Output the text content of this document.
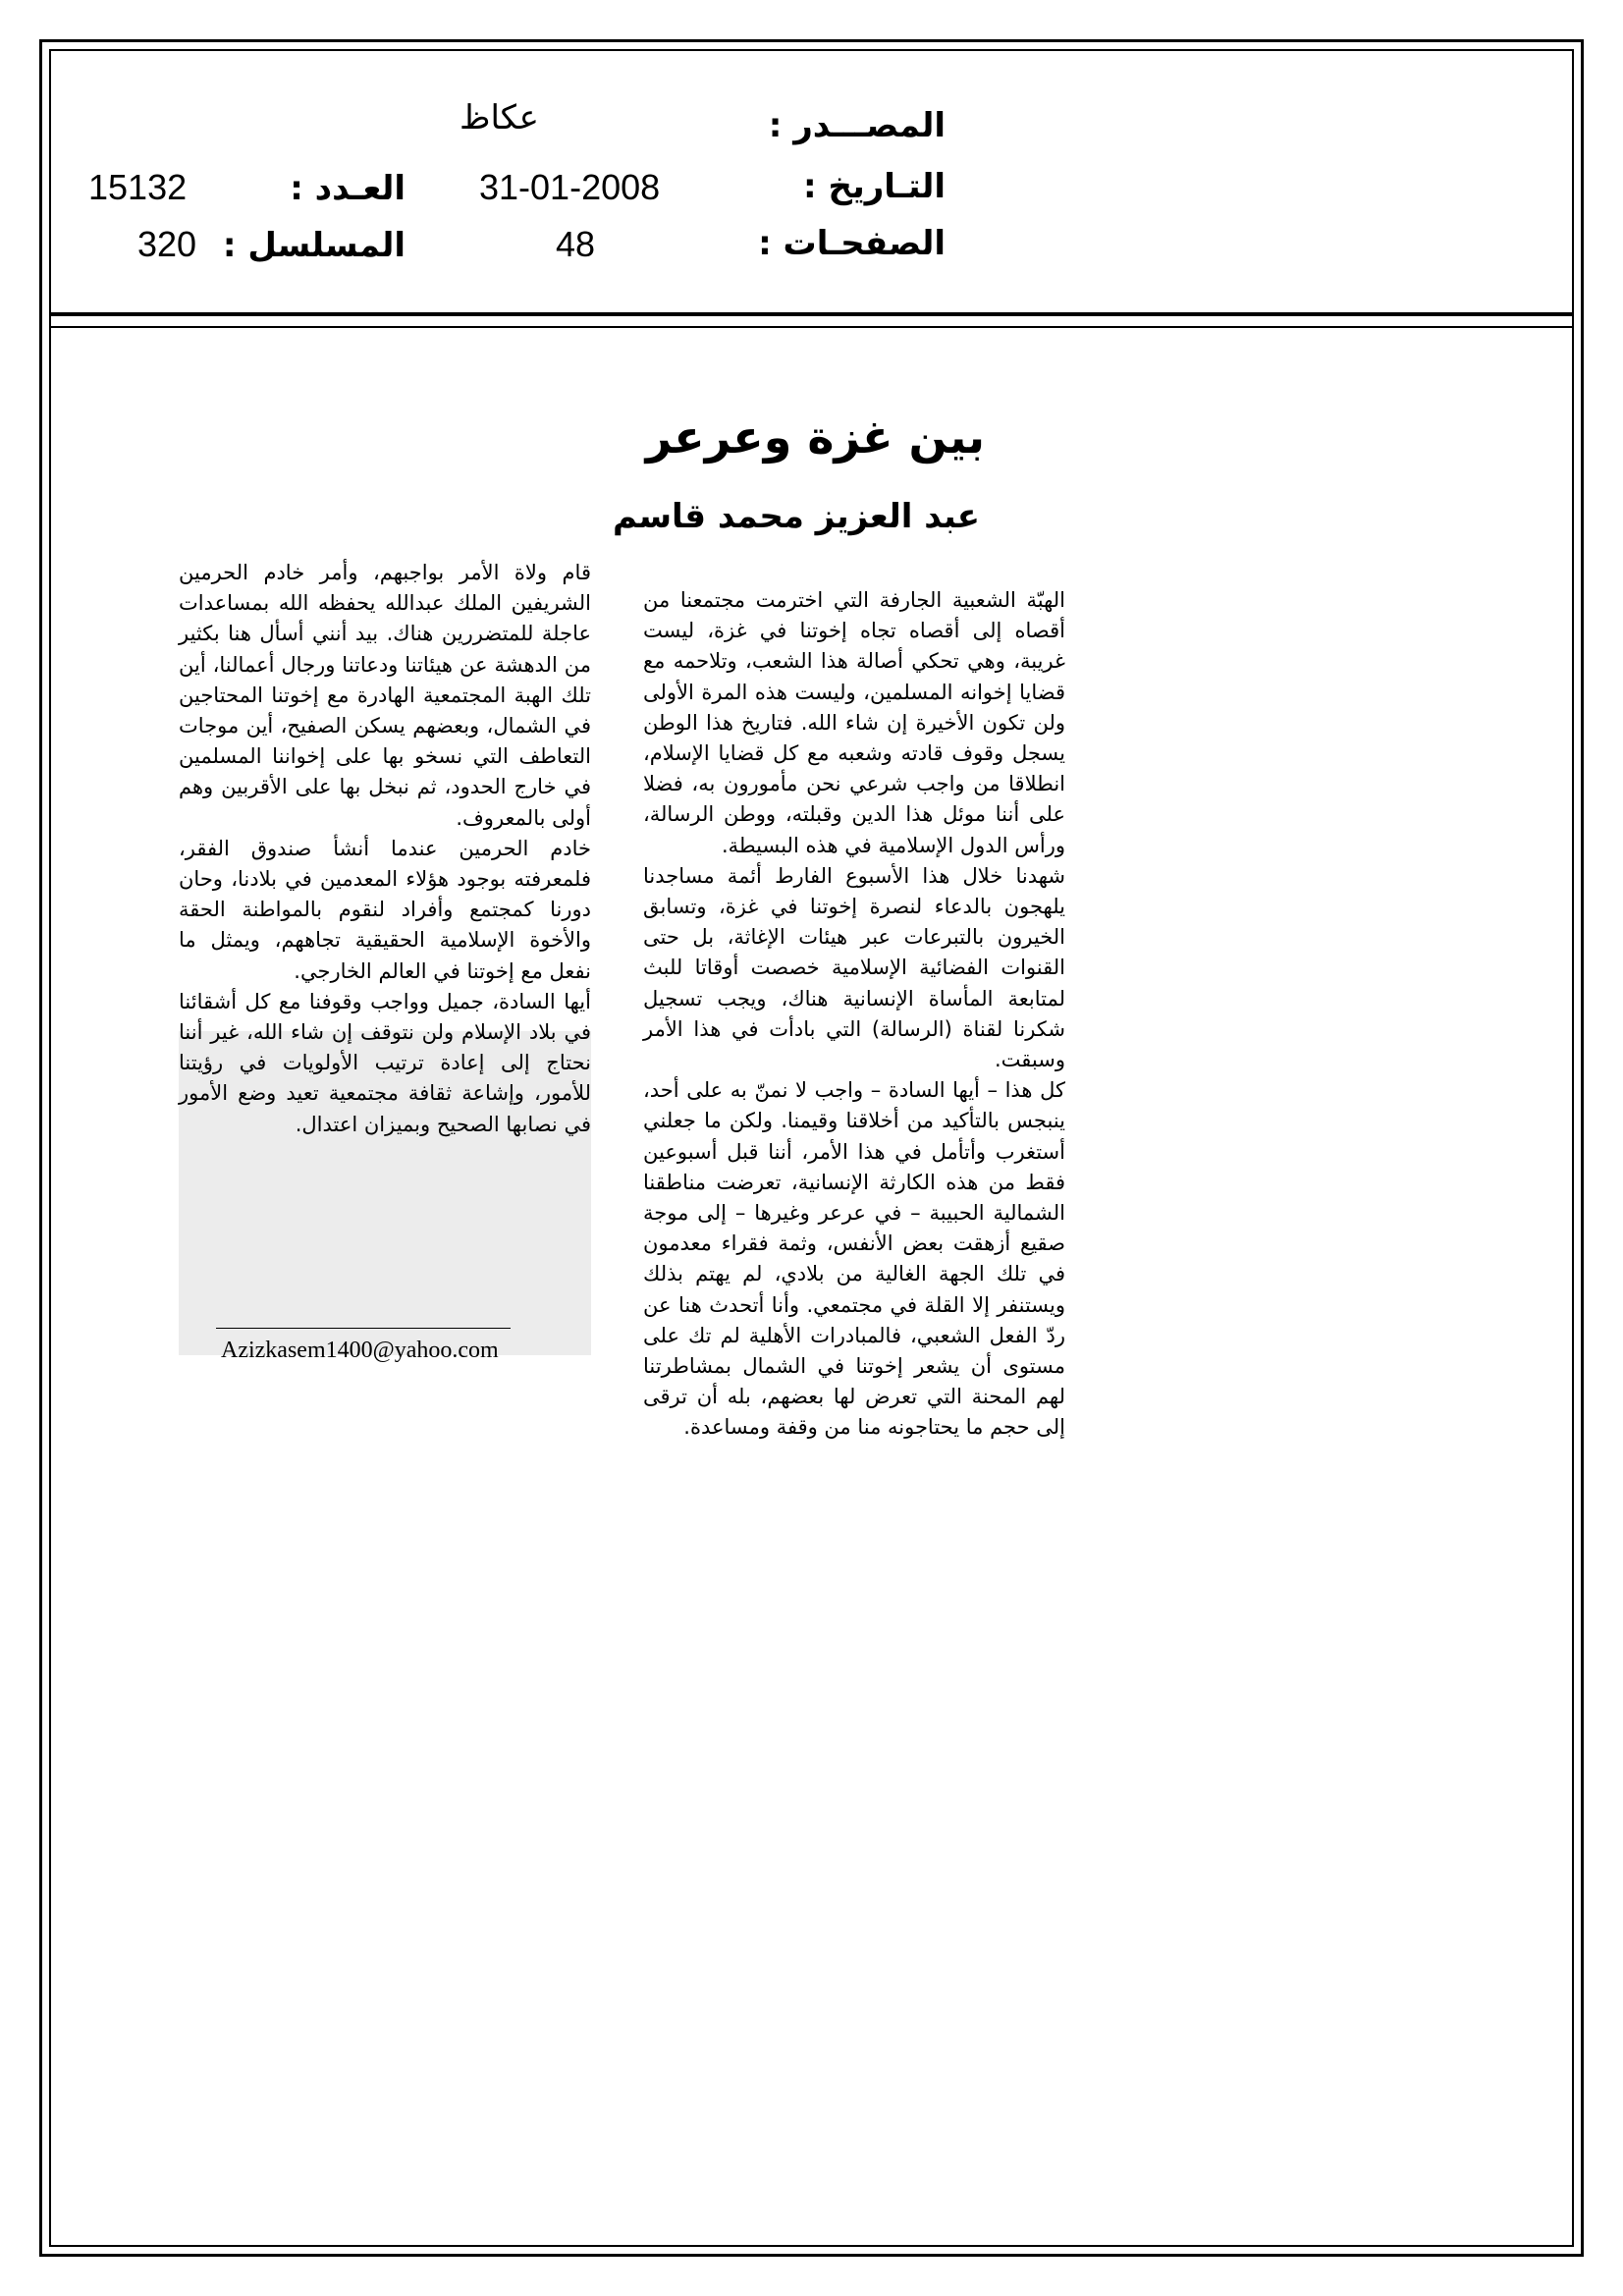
المصـــدر :
عكاظ
التـاريخ :
31-01-2008
العـدد :
15132
الصفحـات :
48
المسلسل :
320
بين غزة وعرعر
عبد العزيز محمد قاسم

الهبّة الشعبية الجارفة التي اخترمت مجتمعنا من أقصاه إلى أقصاه تجاه إخوتنا في غزة، ليست غريبة، وهي تحكي أصالة هذا الشعب، وتلاحمه مع قضايا إخوانه المسلمين، وليست هذه المرة الأولى ولن تكون الأخيرة إن شاء الله. فتاريخ هذا الوطن يسجل وقوف قادته وشعبه مع كل قضايا الإسلام، انطلاقا من واجب شرعي نحن مأمورون به، فضلا على أننا موئل هذا الدين وقبلته، ووطن الرسالة، ورأس الدول الإسلامية في هذه البسيطة.

شهدنا خلال هذا الأسبوع الفارط أئمة مساجدنا يلهجون بالدعاء لنصرة إخوتنا في غزة، وتسابق الخيرون بالتبرعات عبر هيئات الإغاثة، بل حتى القنوات الفضائية الإسلامية خصصت أوقاتا للبث لمتابعة المأساة الإنسانية هناك، ويجب تسجيل شكرنا لقناة (الرسالة) التي بادأت في هذا الأمر وسبقت.

كل هذا – أيها السادة – واجب لا نمنّ به على أحد، ينبجس بالتأكيد من أخلاقنا وقيمنا. ولكن ما جعلني أستغرب وأتأمل في هذا الأمر، أننا قبل أسبوعين فقط من هذه الكارثة الإنسانية، تعرضت مناطقنا الشمالية الحبيبة – في عرعر وغيرها – إلى موجة صقيع أزهقت بعض الأنفس، وثمة فقراء معدمون في تلك الجهة الغالية من بلادي، لم يهتم بذلك ويستنفر إلا القلة في مجتمعي. وأنا أتحدث هنا عن ردّ الفعل الشعبي، فالمبادرات الأهلية لم تك على مستوى أن يشعر إخوتنا في الشمال بمشاطرتنا لهم المحنة التي تعرض لها بعضهم، بله أن ترقى إلى حجم ما يحتاجونه منا من وقفة ومساعدة.

قام ولاة الأمر بواجبهم، وأمر خادم الحرمين الشريفين الملك عبدالله يحفظه الله بمساعدات عاجلة للمتضررين هناك. بيد أنني أسأل هنا بكثير من الدهشة عن هيئاتنا ودعاتنا ورجال أعمالنا، أين تلك الهبة المجتمعية الهادرة مع إخوتنا المحتاجين في الشمال، وبعضهم يسكن الصفيح، أين موجات التعاطف التي نسخو بها على إخواننا المسلمين في خارج الحدود، ثم نبخل بها على الأقربين وهم أولى بالمعروف.

خادم الحرمين عندما أنشأ صندوق الفقر، فلمعرفته بوجود هؤلاء المعدمين في بلادنا، وحان دورنا كمجتمع وأفراد لنقوم بالمواطنة الحقة والأخوة الإسلامية الحقيقية تجاههم، ويمثل ما نفعل مع إخوتنا في العالم الخارجي.

أيها السادة، جميل وواجب وقوفنا مع كل أشقائنا في بلاد الإسلام ولن نتوقف إن شاء الله، غير أننا نحتاج إلى إعادة ترتيب الأولويات في رؤيتنا للأمور، وإشاعة ثقافة مجتمعية تعيد وضع الأمور في نصابها الصحيح وبميزان اعتدال.

Azizkasem1400@yahoo.com
